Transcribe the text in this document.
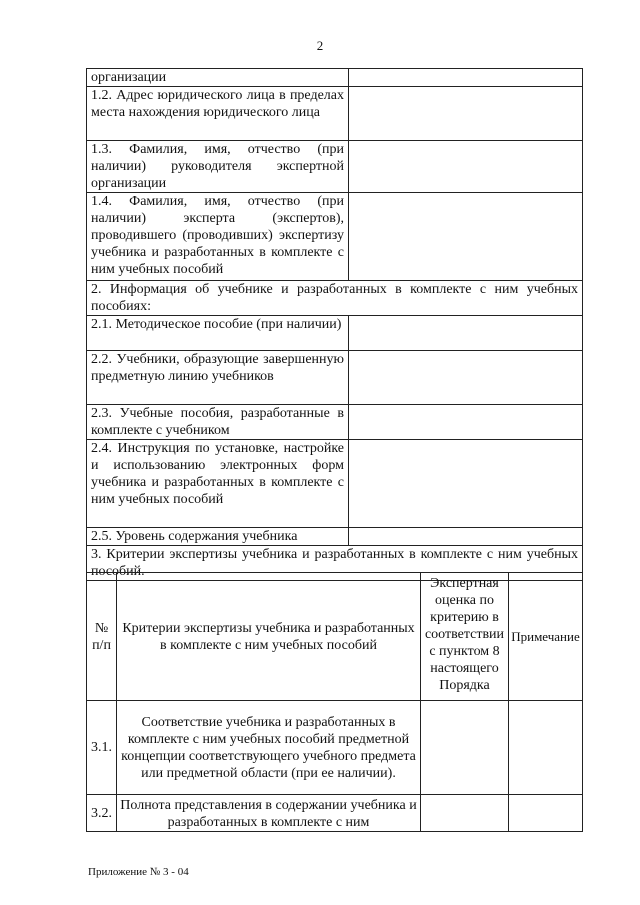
2
организации	
1.2. Адрес юридического лица в пределах места нахождения юридического лица	
1.3. Фамилия, имя, отчество (при наличии) руководителя экспертной организации	
1.4. Фамилия, имя, отчество (при наличии) эксперта (экспертов), проводившего (проводивших) экспертизу учебника и разработанных в комплекте с ним учебных пособий	
2. Информация об учебнике и разработанных в комплекте с ним учебных пособиях:	
2.1. Методическое пособие (при наличии)	
2.2. Учебники, образующие завершенную предметную линию учебников	
2.3. Учебные пособия, разработанные в комплекте с учебником	
2.4. Инструкция по установке, настройке и использованию электронных форм учебника и разработанных в комплекте с ним учебных пособий	
2.5. Уровень содержания учебника	
3. Критерии экспертизы учебника и разработанных в комплекте с ним учебных пособий.	
№ п/п	Критерии экспертизы учебника и разработанных в комплекте с ним учебных пособий	Экспертная оценка по критерию в соответствии с пунктом 8 настоящего Порядка	Примечание
3.1.	Соответствие учебника и разработанных в комплекте с ним учебных пособий предметной концепции соответствующего учебного предмета или предметной области (при ее наличии).		
3.2.	Полнота представления в содержании учебника и разработанных в комплекте с ним		
Приложение № 3 - 04
